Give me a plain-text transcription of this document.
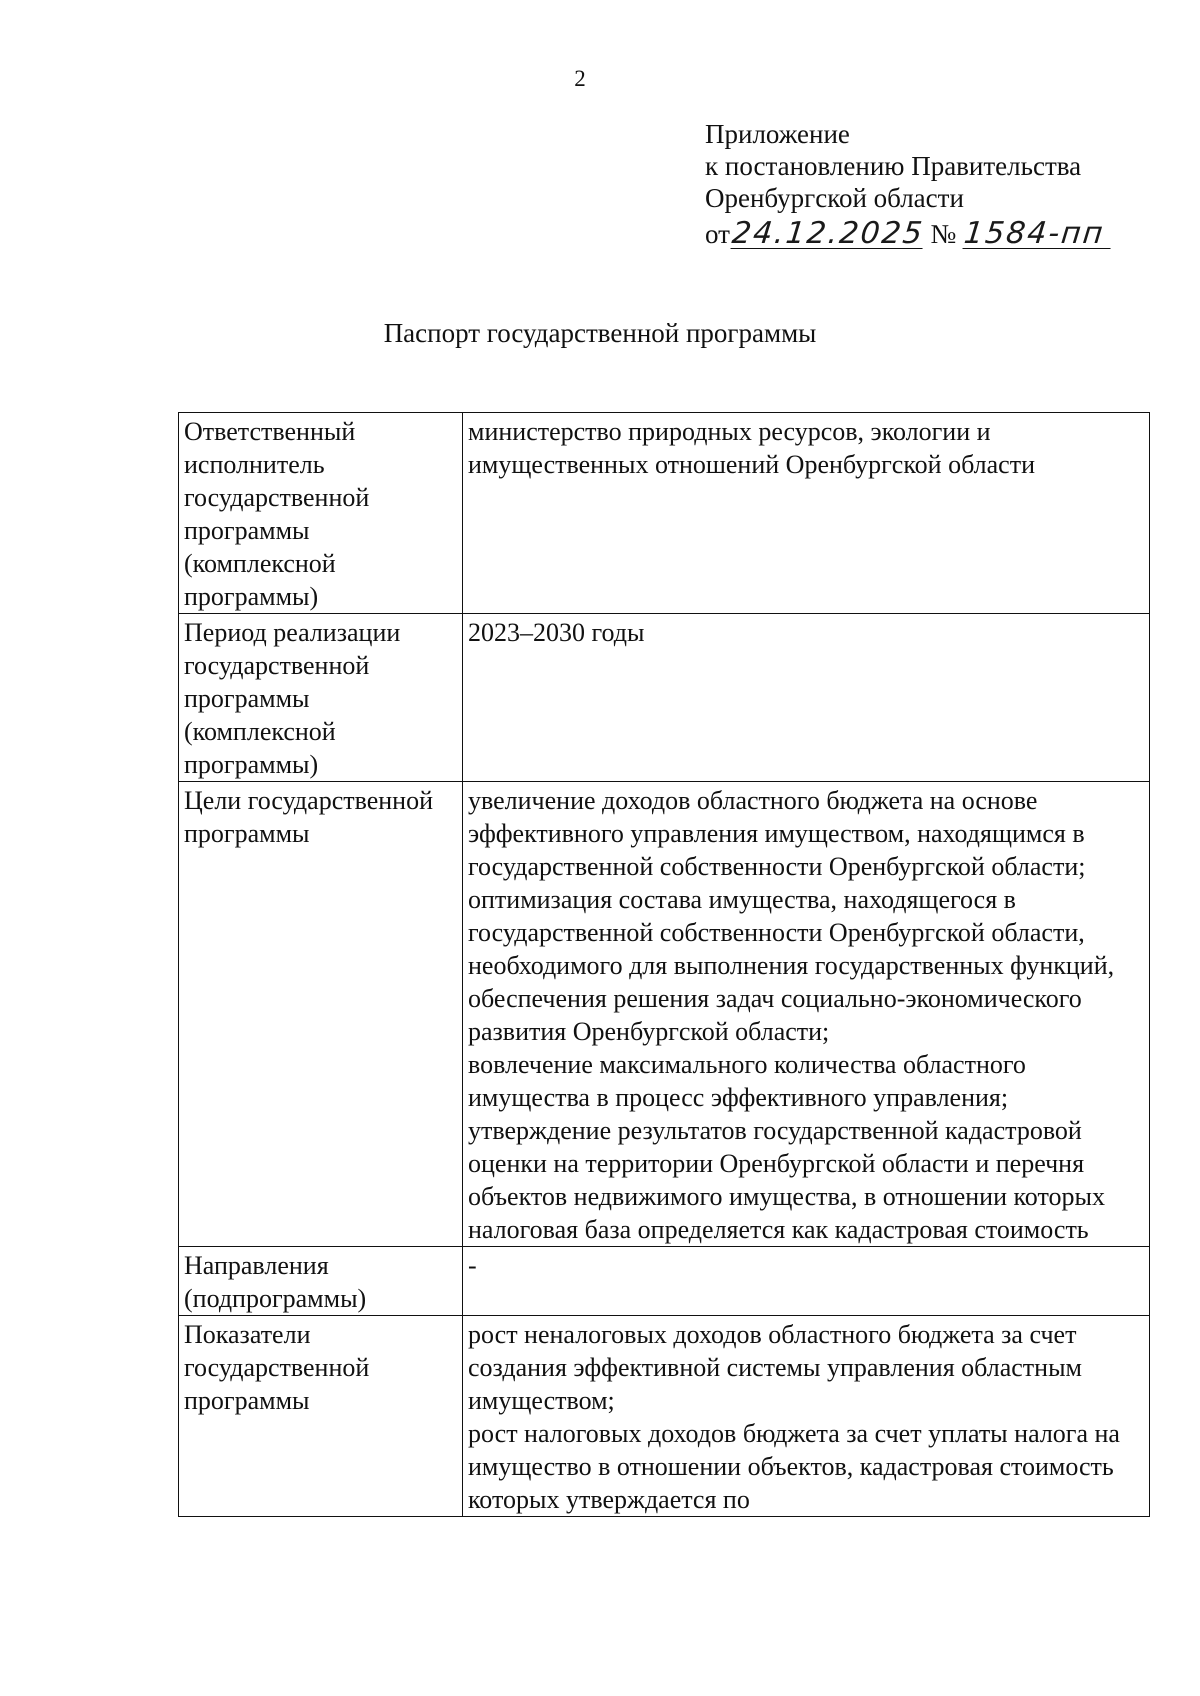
2
Приложение
к постановлению Правительства
Оренбургской области
от24.12.2025 № 1584-пп
Паспорт государственной программы
Ответственный исполнитель государственной программы (комплексной программы)	министерство природных ресурсов, экологии и имущественных отношений Оренбургской области

Период реализации государственной программы (комплексной программы)	2023–2030 годы

Цели государственной программы	увеличение доходов областного бюджета на основе эффективного управления имуществом, находящимся в государственной собственности Оренбургской области;
оптимизация состава имущества, находящегося в государственной собственности Оренбургской области, необходимого для выполнения государственных функций, обеспечения решения задач социально-экономического развития Оренбургской области;
вовлечение максимального количества областного имущества в процесс эффективного управления;
утверждение результатов государственной кадастровой оценки на территории Оренбургской области и перечня объектов недвижимого имущества, в отношении которых налоговая база определяется как кадастровая стоимость

Направления (подпрограммы)	-

Показатели государственной программы	рост неналоговых доходов областного бюджета за счет создания эффективной системы управления областным имуществом;
рост налоговых доходов бюджета за счет уплаты налога на имущество в отношении объектов, кадастровая стоимость которых утверждается по
